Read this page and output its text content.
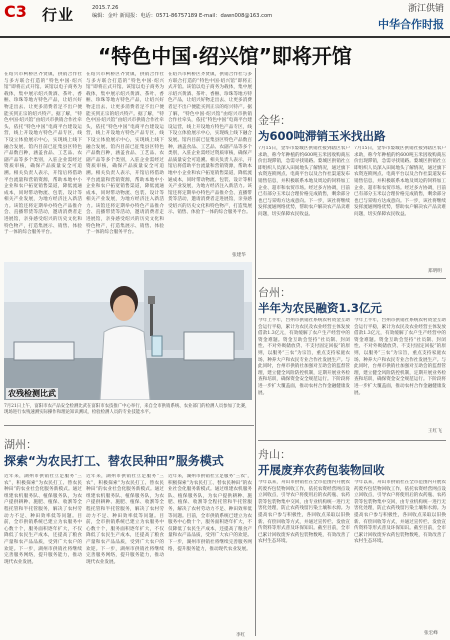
C3 行业	2015.7.26
编辑：金叶 新闻报：电话：0571-86757189 E-mail：dawn008@163.com
浙江供销
中华合作时报
“特色中国·绍兴馆”即将开馆
在绍兴市柯桥区齐贤镇，供销合作社与多方联合打造的“特色中国·绍兴馆”即将正式开馆。该馆以电子商务为载体，集中展示绍兴黄酒、茶叶、香榧、珍珠等地方特色产品，让绍兴好物走出去、让更多消费者足不出户便能买到正宗的绍兴特产。据了解，“特色中国·绍兴馆”由绍兴市供销合作社牵头，依托“特色中国”电商平台建设运营，线上开设地方特色产品专区，线下设立体验展示中心，实现线上线下融合发展。馆内目前已征集县区特色产品数百种，涵盖食品、工艺品、农副产品等多个类别，入驻企业需经过资质审核，确保产品质量安全可追溯。相关负责人表示，开馆后将借助平台流量和营销资源，帮助本地中小企业和农户拓宽销售渠道，降低流通成本，同时带动物流、包装、设计等相关产业发展，为地方经济注入新活力。该馆还将定期举办特色产品推介会、直播带货等活动，邀请消费者走进展馆，亲身感受绍兴的历史文化和特色物产，打造集展示、销售、体验于一体的综合服务平台。
在绍兴市柯桥区齐贤镇，供销合作社与多方联合打造的“特色中国·绍兴馆”即将正式开馆。该馆以电子商务为载体，集中展示绍兴黄酒、茶叶、香榧、珍珠等地方特色产品，让绍兴好物走出去、让更多消费者足不出户便能买到正宗的绍兴特产。据了解，“特色中国·绍兴馆”由绍兴市供销合作社牵头，依托“特色中国”电商平台建设运营，线上开设地方特色产品专区，线下设立体验展示中心，实现线上线下融合发展。馆内目前已征集县区特色产品数百种，涵盖食品、工艺品、农副产品等多个类别，入驻企业需经过资质审核，确保产品质量安全可追溯。相关负责人表示，开馆后将借助平台流量和营销资源，帮助本地中小企业和农户拓宽销售渠道，降低流通成本，同时带动物流、包装、设计等相关产业发展，为地方经济注入新活力。该馆还将定期举办特色产品推介会、直播带货等活动，邀请消费者走进展馆，亲身感受绍兴的历史文化和特色物产，打造集展示、销售、体验于一体的综合服务平台。
在绍兴市柯桥区齐贤镇，供销合作社与多方联合打造的“特色中国·绍兴馆”即将正式开馆。该馆以电子商务为载体，集中展示绍兴黄酒、茶叶、香榧、珍珠等地方特色产品，让绍兴好物走出去、让更多消费者足不出户便能买到正宗的绍兴特产。据了解，“特色中国·绍兴馆”由绍兴市供销合作社牵头，依托“特色中国”电商平台建设运营，线上开设地方特色产品专区，线下设立体验展示中心，实现线上线下融合发展。馆内目前已征集县区特色产品数百种，涵盖食品、工艺品、农副产品等多个类别，入驻企业需经过资质审核，确保产品质量安全可追溯。相关负责人表示，开馆后将借助平台流量和营销资源，帮助本地中小企业和农户拓宽销售渠道，降低流通成本，同时带动物流、包装、设计等相关产业发展，为地方经济注入新活力。该馆还将定期举办特色产品推介会、直播带货等活动，邀请消费者走进展馆，亲身感受绍兴的历史文化和特色物产，打造集展示、销售、体验于一体的综合服务平台。
张建华
农残检测比武
7月21日上午，富阳市农产品安全检测比武在富阳市农技推广中心举行，来自全市供销系统、农业部门的检测人员参加了比赛，现场进行农残速测实际操作和理论知识测试，检验检测人员的专业技能水平。
湖州：
探索“为农民打工、替农民种田”服务模式
近年来，湖州市供销社立足服务“三农”，积极探索“为农民打工、替农民种田”的农业社会化服务新模式。通过组建农机服务队、植保服务队，为农户提供耕种、施肥、植保、收割等全程托管和半托管服务，解决了农村劳动力不足、种田效率低等问题。目前，全市供销系统已建立为农服务中心数十个，服务面积逐年扩大，不仅降低了农民生产成本，还提高了粮食产量和农产品品质，受到广大农户的欢迎。下一步，湖州市供销社将继续完善服务网络，提升服务能力，推动现代农业发展。
近年来，湖州市供销社立足服务“三农”，积极探索“为农民打工、替农民种田”的农业社会化服务新模式。通过组建农机服务队、植保服务队，为农户提供耕种、施肥、植保、收割等全程托管和半托管服务，解决了农村劳动力不足、种田效率低等问题。目前，全市供销系统已建立为农服务中心数十个，服务面积逐年扩大，不仅降低了农民生产成本，还提高了粮食产量和农产品品质，受到广大农户的欢迎。下一步，湖州市供销社将继续完善服务网络，提升服务能力，推动现代农业发展。
近年来，湖州市供销社立足服务“三农”，积极探索“为农民打工、替农民种田”的农业社会化服务新模式。通过组建农机服务队、植保服务队，为农户提供耕种、施肥、植保、收割等全程托管和半托管服务，解决了农村劳动力不足、种田效率低等问题。目前，全市供销系统已建立为农服务中心数十个，服务面积逐年扩大，不仅降低了农民生产成本，还提高了粮食产量和农产品品质，受到广大农户的欢迎。下一步，湖州市供销社将继续完善服务网络，提升服务能力，推动现代农业发展。
李红
金华：
为600吨滞销玉米找出路
7月15日，金华市婺城区供销社接到辖区农户求助，称今年种植的约600吨玉米因收购商压价出现滞销，急需寻找销路。婺城区供销社立即组织人员深入田间地头了解情况，通过旗下农资连锁网点、电商平台以及合作社渠道发布销售信息，并积极联系本地及周边的饲料加工企业、超市和农贸市场。经过多方协调，目前已有部分玉米以合理价格完成销售，剩余部分也已与采购方达成意向。下一步，该社将继续发挥流通网络优势，帮助农户解决农产品卖难问题，切实保障农民收益。
7月15日，金华市婺城区供销社接到辖区农户求助，称今年种植的约600吨玉米因收购商压价出现滞销，急需寻找销路。婺城区供销社立即组织人员深入田间地头了解情况，通过旗下农资连锁网点、电商平台以及合作社渠道发布销售信息，并积极联系本地及周边的饲料加工企业、超市和农贸市场。经过多方协调，目前已有部分玉米以合理价格完成销售，剩余部分也已与采购方达成意向。下一步，该社将继续发挥流通网络优势，帮助农户解决农产品卖难问题，切实保障农民收益。
郑明明
台州：
半年为农民融资1.3亿元
今年上半年，台州市供销社系统农村资金互助会运行平稳，累计为农民及农业经营主体发放借款1.3亿元，有效缓解了农户生产经营中的资金难题。资金互助会坚持“社员制、封闭性、不对外吸储放贷、不支付固定回报”的原则，以服务“三农”为宗旨，重点支持家庭农场、种养大户和农民专业合作社发展生产。与此同时，台州市供销社加强对互助会的监督管理，建立健全风险防控机制，定期开展业务检查和培训，确保资金安全规范运行。下阶段将进一步扩大覆盖面，推动农村合作金融健康发展。
今年上半年，台州市供销社系统农村资金互助会运行平稳，累计为农民及农业经营主体发放借款1.3亿元，有效缓解了农户生产经营中的资金难题。资金互助会坚持“社员制、封闭性、不对外吸储放贷、不支付固定回报”的原则，以服务“三农”为宗旨，重点支持家庭农场、种养大户和农民专业合作社发展生产。与此同时，台州市供销社加强对互助会的监督管理，建立健全风险防控机制，定期开展业务检查和培训，确保资金安全规范运行。下阶段将进一步扩大覆盖面，推动农村合作金融健康发展。
王红飞
舟山：
开展废弃农药包装物回收
今年以来，舟山市供销社在全市范围内开展农药废弃包装物回收工作，依托农资经营网点设立回收点，引导农户将使用后的农药瓶、农药袋等包装物集中交回，由专业机构统一进行无害化处理，防止农药残留污染土壤和水源。为提高农户参与积极性，各回收点采取以旧换新、有偿回收等方式，并通过宣传栏、发放宣传资料等形式普及环保知识。截至目前，全市已累计回收废弃农药包装物数吨，有效改善了农村生态环境。
今年以来，舟山市供销社在全市范围内开展农药废弃包装物回收工作，依托农资经营网点设立回收点，引导农户将使用后的农药瓶、农药袋等包装物集中交回，由专业机构统一进行无害化处理，防止农药残留污染土壤和水源。为提高农户参与积极性，各回收点采取以旧换新、有偿回收等方式，并通过宣传栏、发放宣传资料等形式普及环保知识。截至目前，全市已累计回收废弃农药包装物数吨，有效改善了农村生态环境。
张宏峰
